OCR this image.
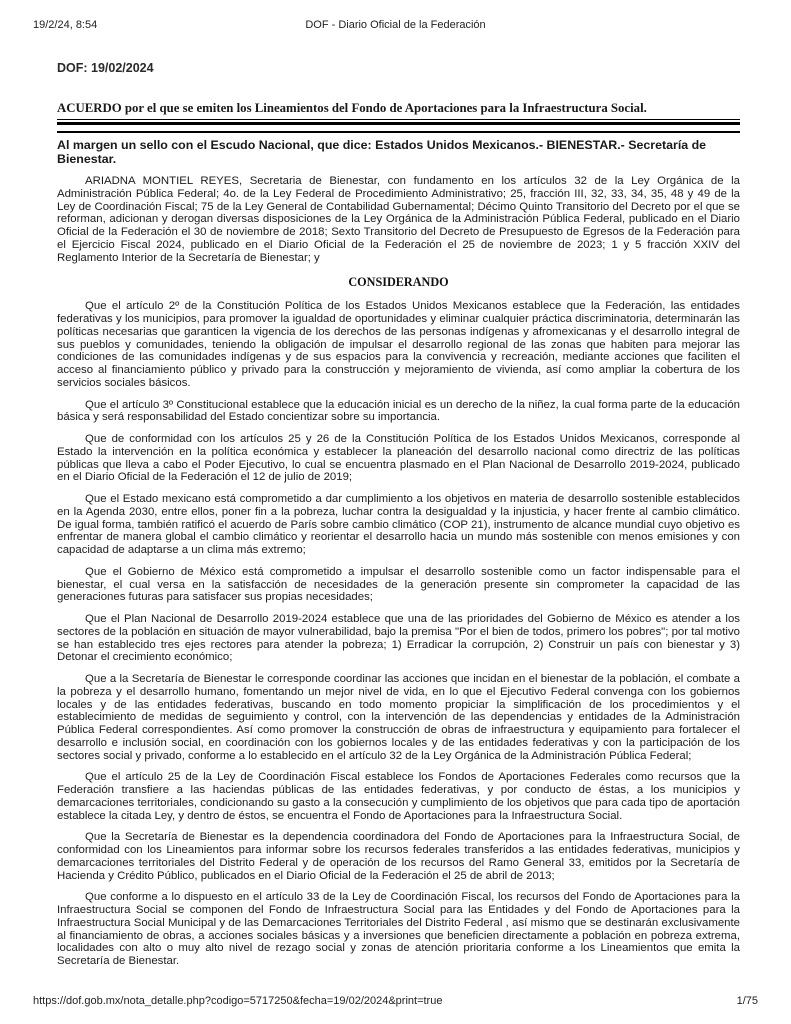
19/2/24, 8:54	DOF - Diario Oficial de la Federación
DOF: 19/02/2024
ACUERDO por el que se emiten los Lineamientos del Fondo de Aportaciones para la Infraestructura Social.
Al margen un sello con el Escudo Nacional, que dice: Estados Unidos Mexicanos.- BIENESTAR.- Secretaría de Bienestar.

ARIADNA MONTIEL REYES, Secretaria de Bienestar, con fundamento en los artículos 32 de la Ley Orgánica de la Administración Pública Federal; 4o. de la Ley Federal de Procedimiento Administrativo; 25, fracción III, 32, 33, 34, 35, 48 y 49 de la Ley de Coordinación Fiscal; 75 de la Ley General de Contabilidad Gubernamental; Décimo Quinto Transitorio del Decreto por el que se reforman, adicionan y derogan diversas disposiciones de la Ley Orgánica de la Administración Pública Federal, publicado en el Diario Oficial de la Federación el 30 de noviembre de 2018; Sexto Transitorio del Decreto de Presupuesto de Egresos de la Federación para el Ejercicio Fiscal 2024, publicado en el Diario Oficial de la Federación el 25 de noviembre de 2023; 1 y 5 fracción XXIV del Reglamento Interior de la Secretaría de Bienestar; y

CONSIDERANDO

Que el artículo 2º de la Constitución Política de los Estados Unidos Mexicanos establece que la Federación, las entidades federativas y los municipios, para promover la igualdad de oportunidades y eliminar cualquier práctica discriminatoria, determinarán las políticas necesarias que garanticen la vigencia de los derechos de las personas indígenas y afromexicanas y el desarrollo integral de sus pueblos y comunidades, teniendo la obligación de impulsar el desarrollo regional de las zonas que habiten para mejorar las condiciones de las comunidades indígenas y de sus espacios para la convivencia y recreación, mediante acciones que faciliten el acceso al financiamiento público y privado para la construcción y mejoramiento de vivienda, así como ampliar la cobertura de los servicios sociales básicos.

Que el artículo 3º Constitucional establece que la educación inicial es un derecho de la niñez, la cual forma parte de la educación básica y será responsabilidad del Estado concientizar sobre su importancia.

Que de conformidad con los artículos 25 y 26 de la Constitución Política de los Estados Unidos Mexicanos, corresponde al Estado la intervención en la política económica y establecer la planeación del desarrollo nacional como directriz de las políticas públicas que lleva a cabo el Poder Ejecutivo, lo cual se encuentra plasmado en el Plan Nacional de Desarrollo 2019-2024, publicado en el Diario Oficial de la Federación el 12 de julio de 2019;

Que el Estado mexicano está comprometido a dar cumplimiento a los objetivos en materia de desarrollo sostenible establecidos en la Agenda 2030, entre ellos, poner fin a la pobreza, luchar contra la desigualdad y la injusticia, y hacer frente al cambio climático. De igual forma, también ratificó el acuerdo de París sobre cambio climático (COP 21), instrumento de alcance mundial cuyo objetivo es enfrentar de manera global el cambio climático y reorientar el desarrollo hacia un mundo más sostenible con menos emisiones y con capacidad de adaptarse a un clima más extremo;

Que el Gobierno de México está comprometido a impulsar el desarrollo sostenible como un factor indispensable para el bienestar, el cual versa en la satisfacción de necesidades de la generación presente sin comprometer la capacidad de las generaciones futuras para satisfacer sus propias necesidades;

Que el Plan Nacional de Desarrollo 2019-2024 establece que una de las prioridades del Gobierno de México es atender a los sectores de la población en situación de mayor vulnerabilidad, bajo la premisa "Por el bien de todos, primero los pobres"; por tal motivo se han establecido tres ejes rectores para atender la pobreza; 1) Erradicar la corrupción, 2) Construir un país con bienestar y 3) Detonar el crecimiento económico;

Que a la Secretaría de Bienestar le corresponde coordinar las acciones que incidan en el bienestar de la población, el combate a la pobreza y el desarrollo humano, fomentando un mejor nivel de vida, en lo que el Ejecutivo Federal convenga con los gobiernos locales y de las entidades federativas, buscando en todo momento propiciar la simplificación de los procedimientos y el establecimiento de medidas de seguimiento y control, con la intervención de las dependencias y entidades de la Administración Pública Federal correspondientes. Así como promover la construcción de obras de infraestructura y equipamiento para fortalecer el desarrollo e inclusión social, en coordinación con los gobiernos locales y de las entidades federativas y con la participación de los sectores social y privado, conforme a lo establecido en el artículo 32 de la Ley Orgánica de la Administración Pública Federal;

Que el artículo 25 de la Ley de Coordinación Fiscal establece los Fondos de Aportaciones Federales como recursos que la Federación transfiere a las haciendas públicas de las entidades federativas, y por conducto de éstas, a los municipios y demarcaciones territoriales, condicionando su gasto a la consecución y cumplimiento de los objetivos que para cada tipo de aportación establece la citada Ley, y dentro de éstos, se encuentra el Fondo de Aportaciones para la Infraestructura Social.

Que la Secretaría de Bienestar es la dependencia coordinadora del Fondo de Aportaciones para la Infraestructura Social, de conformidad con los Lineamientos para informar sobre los recursos federales transferidos a las entidades federativas, municipios y demarcaciones territoriales del Distrito Federal y de operación de los recursos del Ramo General 33, emitidos por la Secretaría de Hacienda y Crédito Público, publicados en el Diario Oficial de la Federación el 25 de abril de 2013;

Que conforme a lo dispuesto en el artículo 33 de la Ley de Coordinación Fiscal, los recursos del Fondo de Aportaciones para la Infraestructura Social se componen del Fondo de Infraestructura Social para las Entidades y del Fondo de Aportaciones para la Infraestructura Social Municipal y de las Demarcaciones Territoriales del Distrito Federal , así mismo que se destinarán exclusivamente al financiamiento de obras, a acciones sociales básicas y a inversiones que beneficien directamente a población en pobreza extrema, localidades con alto o muy alto nivel de rezago social y zonas de atención prioritaria conforme a los Lineamientos que emita la Secretaría de Bienestar.

https://dof.gob.mx/nota_detalle.php?codigo=5717250&fecha=19/02/2024&print=true	1/75
